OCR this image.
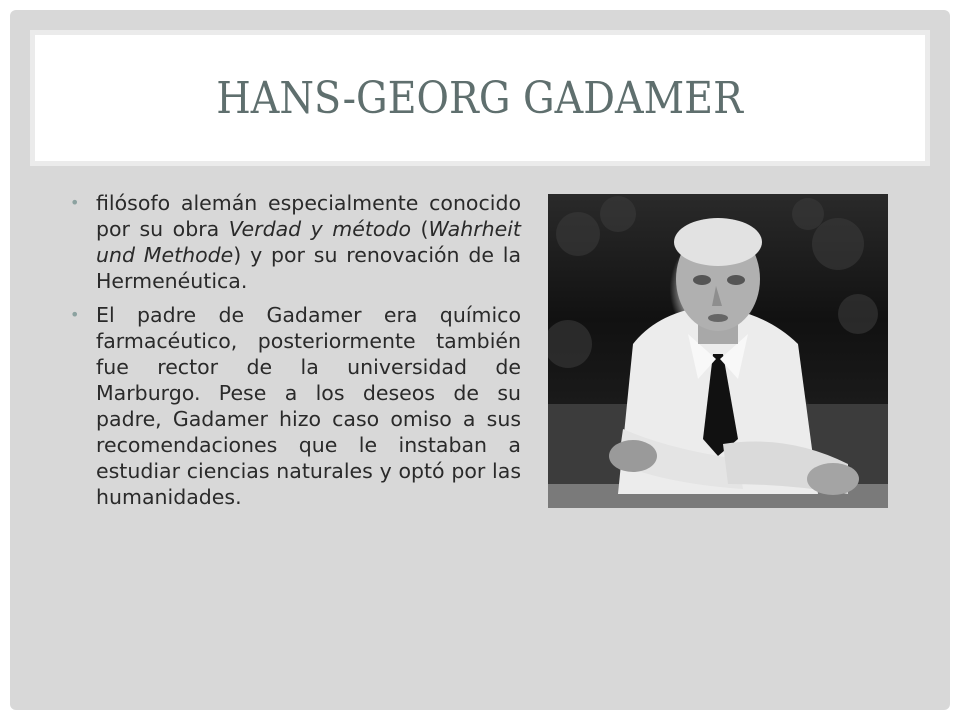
HANS-GEORG GADAMER
• filósofo alemán especialmente conocido por su obra Verdad y método (Wahrheit und Methode) y por su renovación de la Hermenéutica.
• El padre de Gadamer era químico farmacéutico, posteriormente también fue rector de la universidad de Marburgo. Pese a los deseos de su padre, Gadamer hizo caso omiso a sus recomendaciones que le instaban a estudiar ciencias naturales y optó por las humanidades.
